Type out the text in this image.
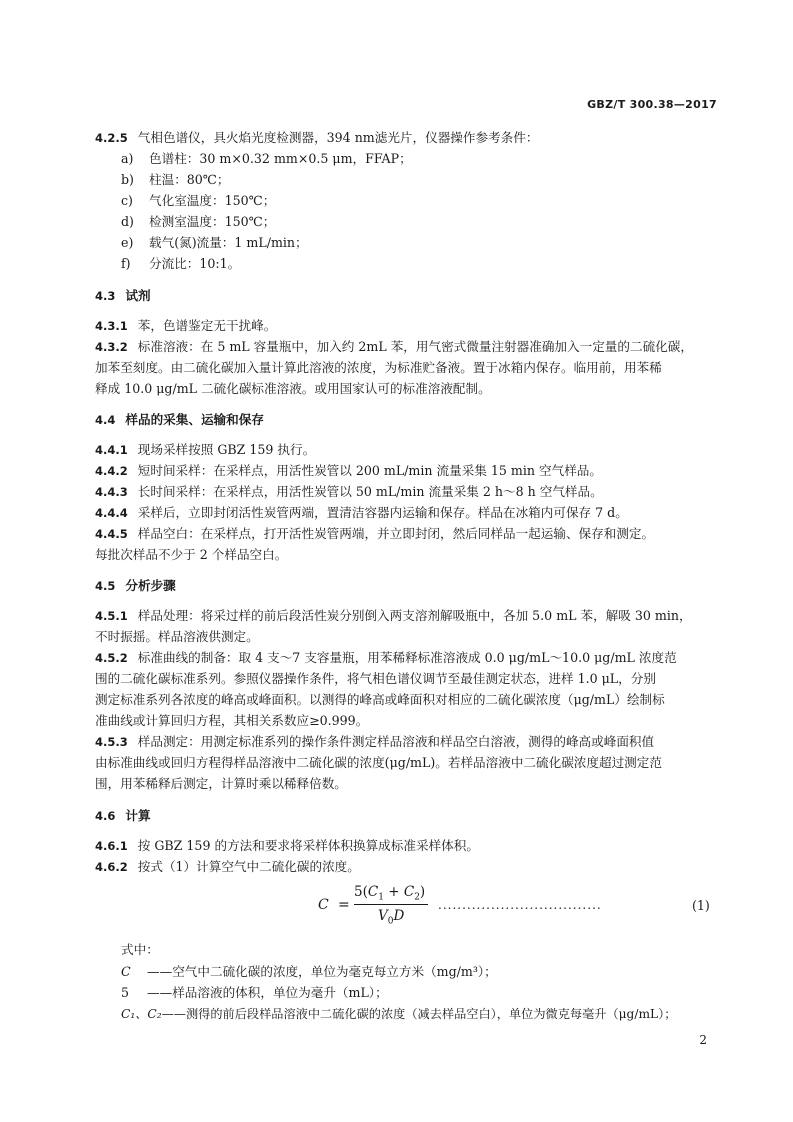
GBZ/T 300.38—2017
4.2.5 气相色谱仪，具火焰光度检测器，394 nm滤光片，仪器操作参考条件：
a) 色谱柱：30 m×0.32 mm×0.5 μm，FFAP；
b) 柱温：80℃；
c) 气化室温度：150℃；
d) 检测室温度：150℃；
e) 载气(氮)流量：1 mL/min；
f) 分流比：10:1。
4.3 试剂
4.3.1 苯，色谱鉴定无干扰峰。
4.3.2 标准溶液：在 5 mL 容量瓶中，加入约 2mL 苯，用气密式微量注射器准确加入一定量的二硫化碳，
加苯至刻度。由二硫化碳加入量计算此溶液的浓度，为标准贮备液。置于冰箱内保存。临用前，用苯稀
释成 10.0 μg/mL 二硫化碳标准溶液。或用国家认可的标准溶液配制。
4.4 样品的采集、运输和保存
4.4.1 现场采样按照 GBZ 159 执行。
4.4.2 短时间采样：在采样点，用活性炭管以 200 mL/min 流量采集 15 min 空气样品。
4.4.3 长时间采样：在采样点，用活性炭管以 50 mL/min 流量采集 2 h～8 h 空气样品。
4.4.4 采样后，立即封闭活性炭管两端，置清洁容器内运输和保存。样品在冰箱内可保存 7 d。
4.4.5 样品空白：在采样点，打开活性炭管两端，并立即封闭，然后同样品一起运输、保存和测定。
每批次样品不少于 2 个样品空白。
4.5 分析步骤
4.5.1 样品处理：将采过样的前后段活性炭分别倒入两支溶剂解吸瓶中，各加 5.0 mL 苯，解吸 30 min，
不时振摇。样品溶液供测定。
4.5.2 标准曲线的制备：取 4 支～7 支容量瓶，用苯稀释标准溶液成 0.0 μg/mL～10.0 μg/mL 浓度范
围的二硫化碳标准系列。参照仪器操作条件，将气相色谱仪调节至最佳测定状态，进样 1.0 μL，分别
测定标准系列各浓度的峰高或峰面积。以测得的峰高或峰面积对相应的二硫化碳浓度（μg/mL）绘制标
准曲线或计算回归方程，其相关系数应≥0.999。
4.5.3 样品测定：用测定标准系列的操作条件测定样品溶液和样品空白溶液，测得的峰高或峰面积值
由标准曲线或回归方程得样品溶液中二硫化碳的浓度(μg/mL)。若样品溶液中二硫化碳浓度超过测定范
围，用苯稀释后测定，计算时乘以稀释倍数。
4.6 计算
4.6.1 按 GBZ 159 的方法和要求将采样体积换算成标准采样体积。
4.6.2 按式（1）计算空气中二硫化碳的浓度。
C =
$5(C_1 + C_2)$
$V_0D$
..................................	(1)
式中：
C ——空气中二硫化碳的浓度，单位为毫克每立方米（mg/m³）；
5 ——样品溶液的体积，单位为毫升（mL）；
C₁、C₂——测得的前后段样品溶液中二硫化碳的浓度（减去样品空白），单位为微克每毫升（μg/mL）；
2
